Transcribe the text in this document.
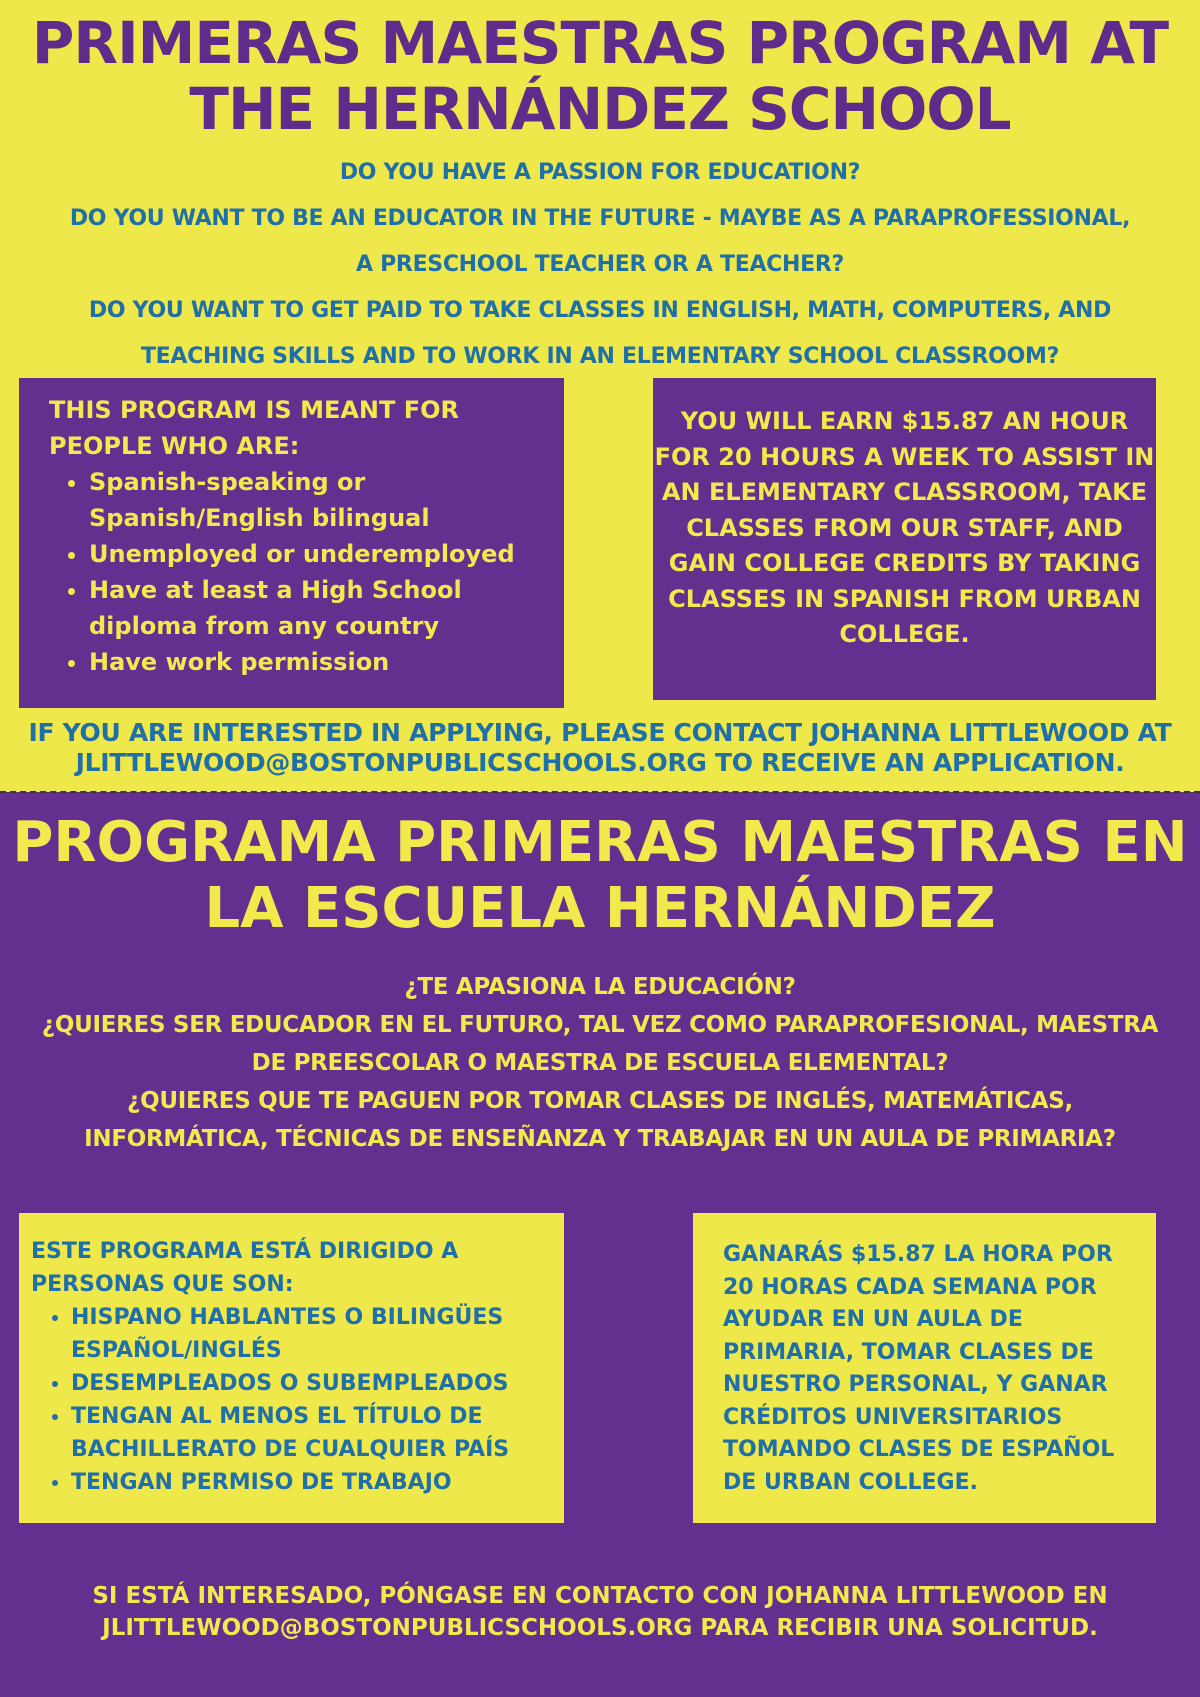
PRIMERAS MAESTRAS PROGRAM AT
THE HERNÁNDEZ SCHOOL
DO YOU HAVE A PASSION FOR EDUCATION?
DO YOU WANT TO BE AN EDUCATOR IN THE FUTURE - MAYBE AS A PARAPROFESSIONAL,
A PRESCHOOL TEACHER OR A TEACHER?
DO YOU WANT TO GET PAID TO TAKE CLASSES IN ENGLISH, MATH, COMPUTERS, AND
TEACHING SKILLS AND TO WORK IN AN ELEMENTARY SCHOOL CLASSROOM?
THIS PROGRAM IS MEANT FOR
PEOPLE WHO ARE:
• Spanish-speaking or Spanish/English bilingual
• Unemployed or underemployed
• Have at least a High School diploma from any country
• Have work permission
YOU WILL EARN $15.87 AN HOUR FOR 20 HOURS A WEEK TO ASSIST IN AN ELEMENTARY CLASSROOM, TAKE CLASSES FROM OUR STAFF, AND GAIN COLLEGE CREDITS BY TAKING CLASSES IN SPANISH FROM URBAN COLLEGE.
IF YOU ARE INTERESTED IN APPLYING, PLEASE CONTACT JOHANNA LITTLEWOOD AT
JLITTLEWOOD@BOSTONPUBLICSCHOOLS.ORG TO RECEIVE AN APPLICATION.
PROGRAMA PRIMERAS MAESTRAS EN
LA ESCUELA HERNÁNDEZ
¿TE APASIONA LA EDUCACIÓN?
¿QUIERES SER EDUCADOR EN EL FUTURO, TAL VEZ COMO PARAPROFESIONAL, MAESTRA
DE PREESCOLAR O MAESTRA DE ESCUELA ELEMENTAL?
¿QUIERES QUE TE PAGUEN POR TOMAR CLASES DE INGLÉS, MATEMÁTICAS,
INFORMÁTICA, TÉCNICAS DE ENSEÑANZA Y TRABAJAR EN UN AULA DE PRIMARIA?
ESTE PROGRAMA ESTÁ DIRIGIDO A
PERSONAS QUE SON:
• HISPANO HABLANTES O BILINGÜES ESPAÑOL/INGLÉS
• DESEMPLEADOS O SUBEMPLEADOS
• TENGAN AL MENOS EL TÍTULO DE BACHILLERATO DE CUALQUIER PAÍS
• TENGAN PERMISO DE TRABAJO
GANARÁS $15.87 LA HORA POR 20 HORAS CADA SEMANA POR AYUDAR EN UN AULA DE PRIMARIA, TOMAR CLASES DE NUESTRO PERSONAL, Y GANAR CRÉDITOS UNIVERSITARIOS TOMANDO CLASES DE ESPAÑOL DE URBAN COLLEGE.
SI ESTÁ INTERESADO, PÓNGASE EN CONTACTO CON JOHANNA LITTLEWOOD EN
JLITTLEWOOD@BOSTONPUBLICSCHOOLS.ORG PARA RECIBIR UNA SOLICITUD.
